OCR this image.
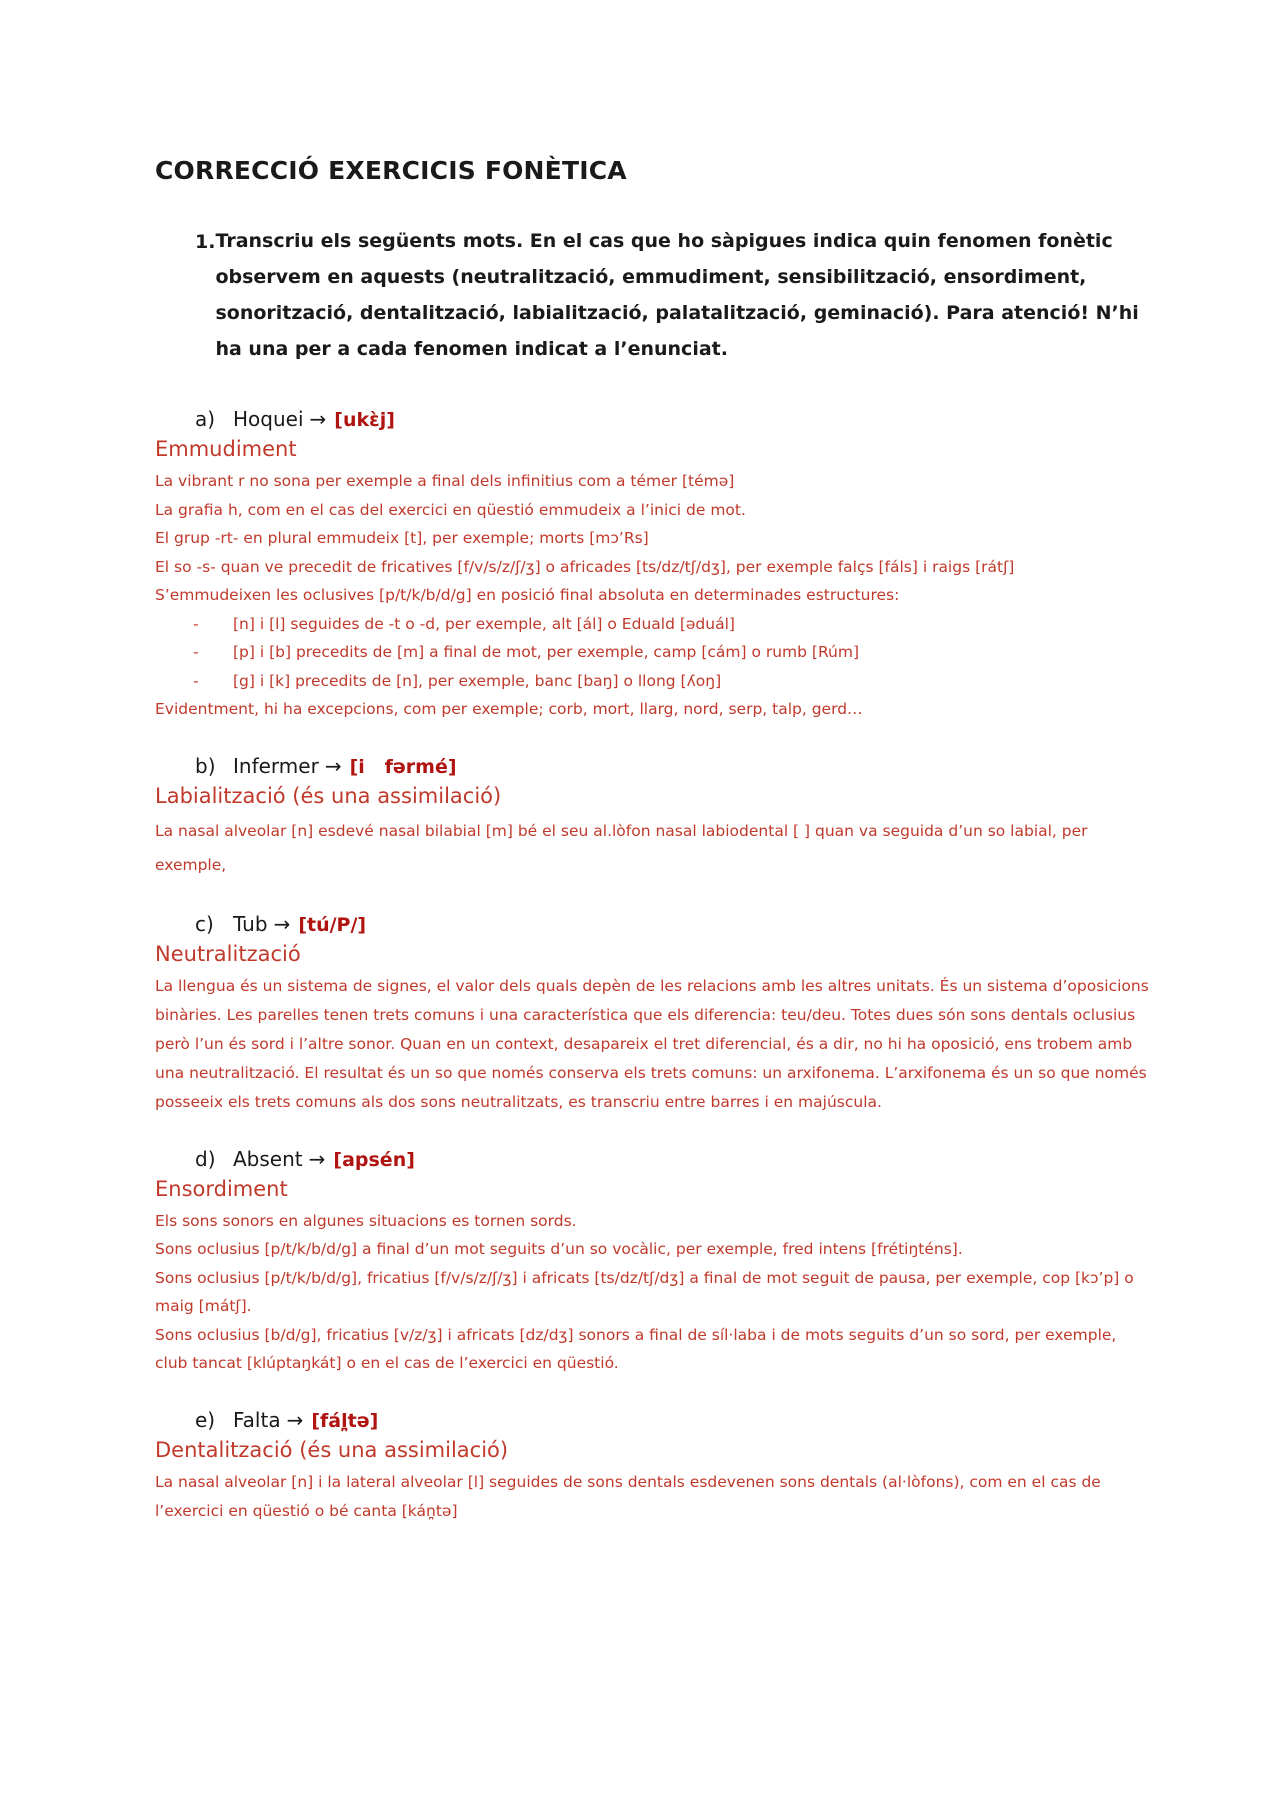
CORRECCIÓ EXERCICIS FONÈTICA
1. Transcriu els següents mots. En el cas que ho sàpigues indica quin fenomen fonètic observem en aquests (neutralització, emmudiment, sensibilització, ensordiment, sonorització, dentalització, labialització, palatalització, geminació). Para atenció! N’hi ha una per a cada fenomen indicat a l’enunciat.
a) Hoquei → [ukɛ̀j]
Emmudiment
La vibrant r no sona per exemple a final dels infinitius com a témer [témə]
La grafia h, com en el cas del exercici en qüestió emmudeix a l’inici de mot.
El grup -rt- en plural emmudeix [t], per exemple; morts [mɔ’Rs]
El so -s- quan ve precedit de fricatives [f/v/s/z/ʃ/ʒ] o africades [ts/dz/tʃ/dʒ], per exemple falçs [fáls] i raigs [rátʃ]
S’emmudeixen les oclusives [p/t/k/b/d/g] en posició final absoluta en determinades estructures:
-	[n] i [l] seguides de -t o -d, per exemple, alt [ál] o Eduald [əduál]
-	[p] i [b] precedits de [m] a final de mot, per exemple, camp [cám] o rumb [Rúm]
-	[g] i [k] precedits de [n], per exemple, banc [baŋ] o llong [ʎoŋ]
Evidentment, hi ha excepcions, com per exemple; corb, mort, llarg, nord, serp, talp, gerd…
b) Infermer → [i   fərmé]
Labialització (és una assimilació)
La nasal alveolar [n] esdevé nasal bilabial [m] bé el seu al.lòfon nasal labiodental [ ] quan va seguida d’un so labial, per exemple,
c) Tub → [tú/P/]
Neutralització
La llengua és un sistema de signes, el valor dels quals depèn de les relacions amb les altres unitats. És un sistema d’oposicions binàries. Les parelles tenen trets comuns i una característica que els diferencia: teu/deu. Totes dues són sons dentals oclusius però l’un és sord i l’altre sonor. Quan en un context, desapareix el tret diferencial, és a dir, no hi ha oposició, ens trobem amb una neutralització. El resultat és un so que només conserva els trets comuns: un arxifonema. L’arxifonema és un so que només posseeix els trets comuns als dos sons neutralitzats, es transcriu entre barres i en majúscula.
d) Absent → [apsén]
Ensordiment
Els sons sonors en algunes situacions es tornen sords.
Sons oclusius [p/t/k/b/d/g] a final d’un mot seguits d’un so vocàlic, per exemple, fred intens [frétiŋténs].
Sons oclusius [p/t/k/b/d/g], fricatius [f/v/s/z/ʃ/ʒ] i africats [ts/dz/tʃ/dʒ] a final de mot seguit de pausa, per exemple, cop [kɔ’p] o maig [mátʃ].
Sons oclusius [b/d/g], fricatius [v/z/ʒ] i africats [dz/dʒ] sonors a final de síl·laba i de mots seguits d’un so sord, per exemple, club tancat [klúptaŋkát] o en el cas de l’exercici en qüestió.
e) Falta → [fál̪tə]
Dentalització (és una assimilació)
La nasal alveolar [n] i la lateral alveolar [l] seguides de sons dentals esdevenen sons dentals (al·lòfons), com en el cas de l’exercici en qüestió o bé canta [kán̪tə]
